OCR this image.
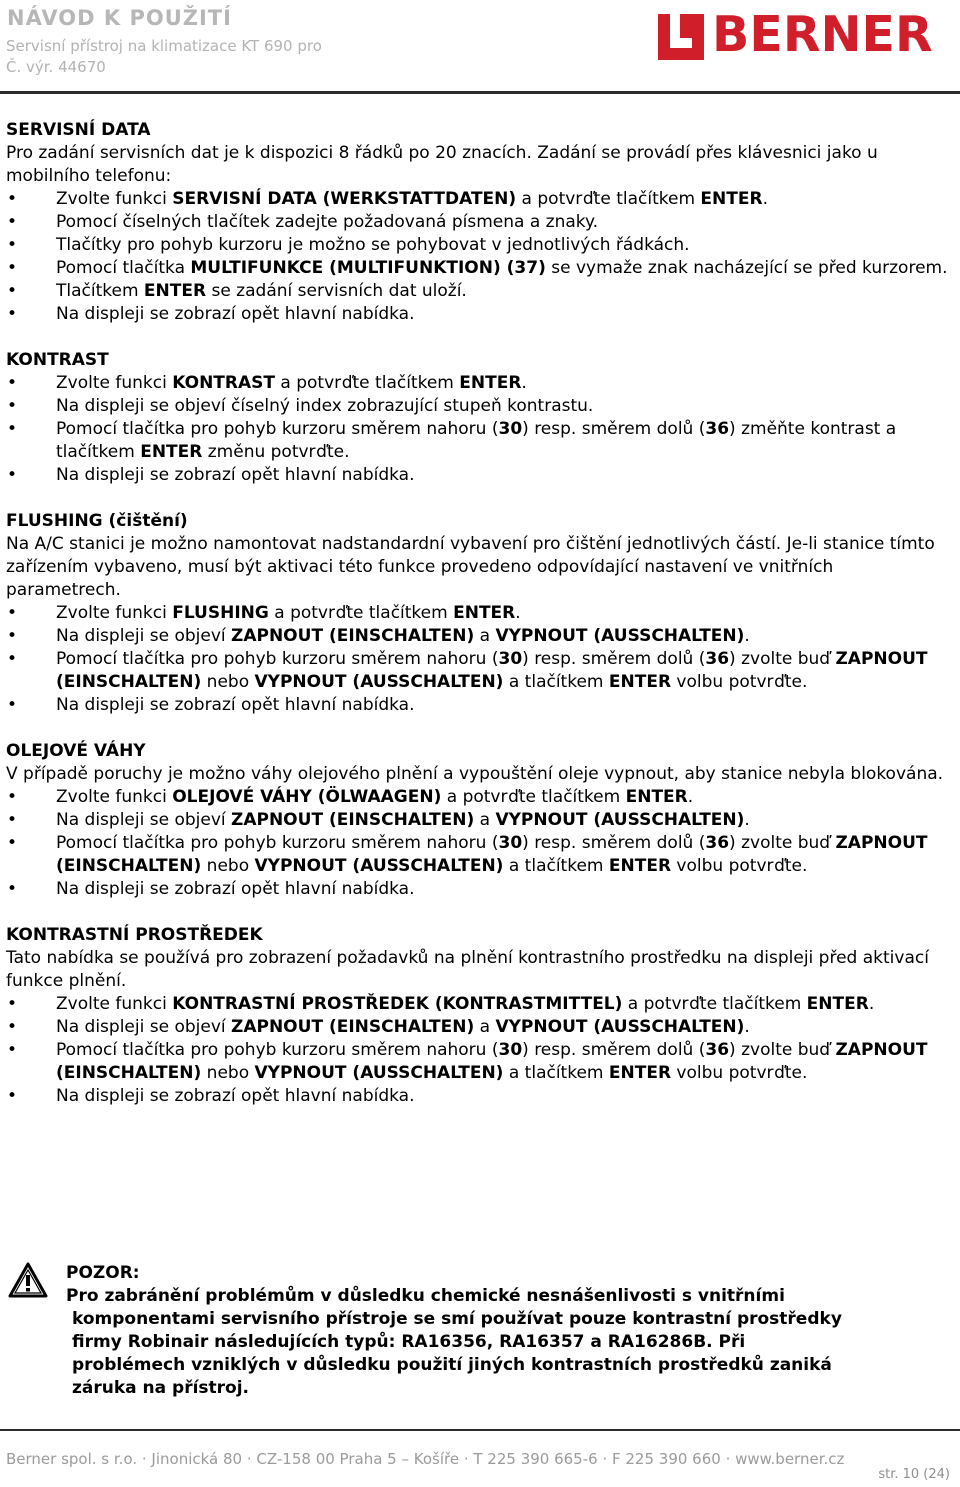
NÁVOD K POUŽITÍ
Servisní přístroj na klimatizace KT 690 pro
Č. výr. 44670
BERNER
SERVISNÍ DATA

Pro zadání servisních dat je k dispozici 8 řádků po 20 znacích. Zadání se provádí přes klávesnici jako u mobilního telefonu:

• Zvolte funkci SERVISNÍ DATA (WERKSTATTDATEN) a potvrďte tlačítkem ENTER.
• Pomocí číselných tlačítek zadejte požadovaná písmena a znaky.
• Tlačítky pro pohyb kurzoru je možno se pohybovat v jednotlivých řádkách.
• Pomocí tlačítka MULTIFUNKCE (MULTIFUNKTION) (37) se vymaže znak nacházející se před kurzorem.
• Tlačítkem ENTER se zadání servisních dat uloží.
• Na displeji se zobrazí opět hlavní nabídka.
KONTRAST
• Zvolte funkci KONTRAST a potvrďte tlačítkem ENTER.
• Na displeji se objeví číselný index zobrazující stupeň kontrastu.
• Pomocí tlačítka pro pohyb kurzoru směrem nahoru (30) resp. směrem dolů (36) změňte kontrast a tlačítkem ENTER změnu potvrďte.
• Na displeji se zobrazí opět hlavní nabídka.
FLUSHING (čištění)

Na A/C stanici je možno namontovat nadstandardní vybavení pro čištění jednotlivých částí. Je-li stanice tímto zařízením vybaveno, musí být aktivaci této funkce provedeno odpovídající nastavení ve vnitřních parametrech.

• Zvolte funkci FLUSHING a potvrďte tlačítkem ENTER.
• Na displeji se objeví ZAPNOUT (EINSCHALTEN) a VYPNOUT (AUSSCHALTEN).
• Pomocí tlačítka pro pohyb kurzoru směrem nahoru (30) resp. směrem dolů (36) zvolte buď ZAPNOUT (EINSCHALTEN) nebo VYPNOUT (AUSSCHALTEN) a tlačítkem ENTER volbu potvrďte.
• Na displeji se zobrazí opět hlavní nabídka.
OLEJOVÉ VÁHY

V případě poruchy je možno váhy olejového plnění a vypouštění oleje vypnout, aby stanice nebyla blokována.

• Zvolte funkci OLEJOVÉ VÁHY (ÖLWAAGEN) a potvrďte tlačítkem ENTER.
• Na displeji se objeví ZAPNOUT (EINSCHALTEN) a VYPNOUT (AUSSCHALTEN).
• Pomocí tlačítka pro pohyb kurzoru směrem nahoru (30) resp. směrem dolů (36) zvolte buď ZAPNOUT (EINSCHALTEN) nebo VYPNOUT (AUSSCHALTEN) a tlačítkem ENTER volbu potvrďte.
• Na displeji se zobrazí opět hlavní nabídka.
KONTRASTNÍ PROSTŘEDEK

Tato nabídka se používá pro zobrazení požadavků na plnění kontrastního prostředku na displeji před aktivací funkce plnění.

• Zvolte funkci KONTRASTNÍ PROSTŘEDEK (KONTRASTMITTEL) a potvrďte tlačítkem ENTER.
• Na displeji se objeví ZAPNOUT (EINSCHALTEN) a VYPNOUT (AUSSCHALTEN).
• Pomocí tlačítka pro pohyb kurzoru směrem nahoru (30) resp. směrem dolů (36) zvolte buď ZAPNOUT (EINSCHALTEN) nebo VYPNOUT (AUSSCHALTEN) a tlačítkem ENTER volbu potvrďte.
• Na displeji se zobrazí opět hlavní nabídka.
POZOR:
Pro zabránění problémům v důsledku chemické nesnášenlivosti s vnitřními
komponentami servisního přístroje se smí používat pouze kontrastní prostředky
firmy Robinair následujících typů: RA16356, RA16357 a RA16286B. Při
problémech vzniklých v důsledku použití jiných kontrastních prostředků zaniká
záruka na přístroj.
Berner spol. s r.o. · Jinonická 80 · CZ-158 00 Praha 5 – Košíře · T 225 390 665-6 · F 225 390 660 · www.berner.cz
str. 10 (24)
